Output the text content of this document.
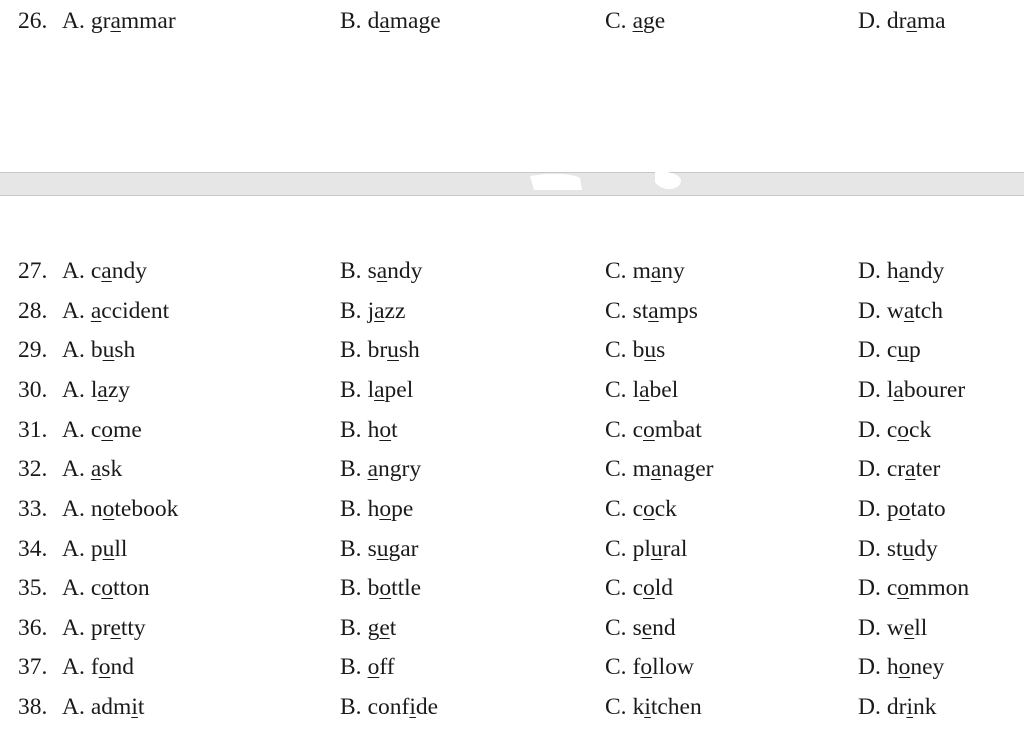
26. A. grammar	B. damage	C. age	D. drama
27. A. candy	B. sandy	C. many	D. handy
28. A. accident	B. jazz	C. stamps	D. watch
29. A. bush	B. brush	C. bus	D. cup
30. A. lazy	B. lapel	C. label	D. labourer
31. A. come	B. hot	C. combat	D. cock
32. A. ask	B. angry	C. manager	D. crater
33. A. notebook	B. hope	C. cock	D. potato
34. A. pull	B. sugar	C. plural	D. study
35. A. cotton	B. bottle	C. cold	D. common
36. A. pretty	B. get	C. send	D. well
37. A. fond	B. off	C. follow	D. honey
38. A. admit	B. confide	C. kitchen	D. drink
